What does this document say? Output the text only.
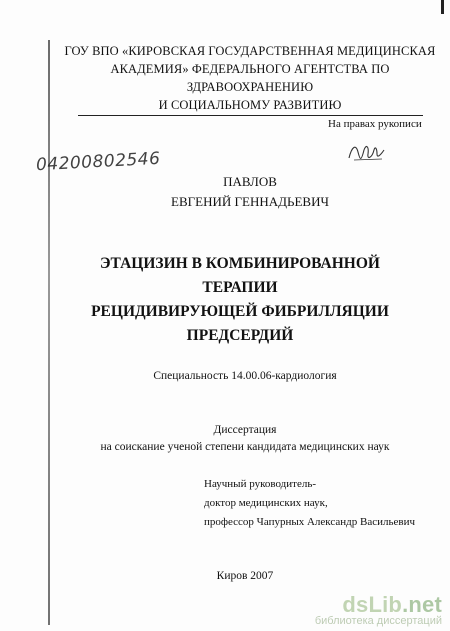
ГОУ ВПО «КИРОВСКАЯ ГОСУДАРСТВЕННАЯ МЕДИЦИНСКАЯ
АКАДЕМИЯ» ФЕДЕРАЛЬНОГО АГЕНТСТВА ПО ЗДРАВООХРАНЕНИЮ
И СОЦИАЛЬНОМУ РАЗВИТИЮ
На правах рукописи
04200802546
ПАВЛОВ
ЕВГЕНИЙ ГЕННАДЬЕВИЧ
ЭТАЦИЗИН В КОМБИНИРОВАННОЙ ТЕРАПИИ
РЕЦИДИВИРУЮЩЕЙ ФИБРИЛЛЯЦИИ
ПРЕДСЕРДИЙ
Специальность 14.00.06-кардиология
Диссертация
на соискание ученой степени кандидата медицинских наук
Научный руководитель-
доктор медицинских наук,
профессор Чапурных Александр Васильевич
Киров 2007
dsLib.net
библиотека диссертаций
